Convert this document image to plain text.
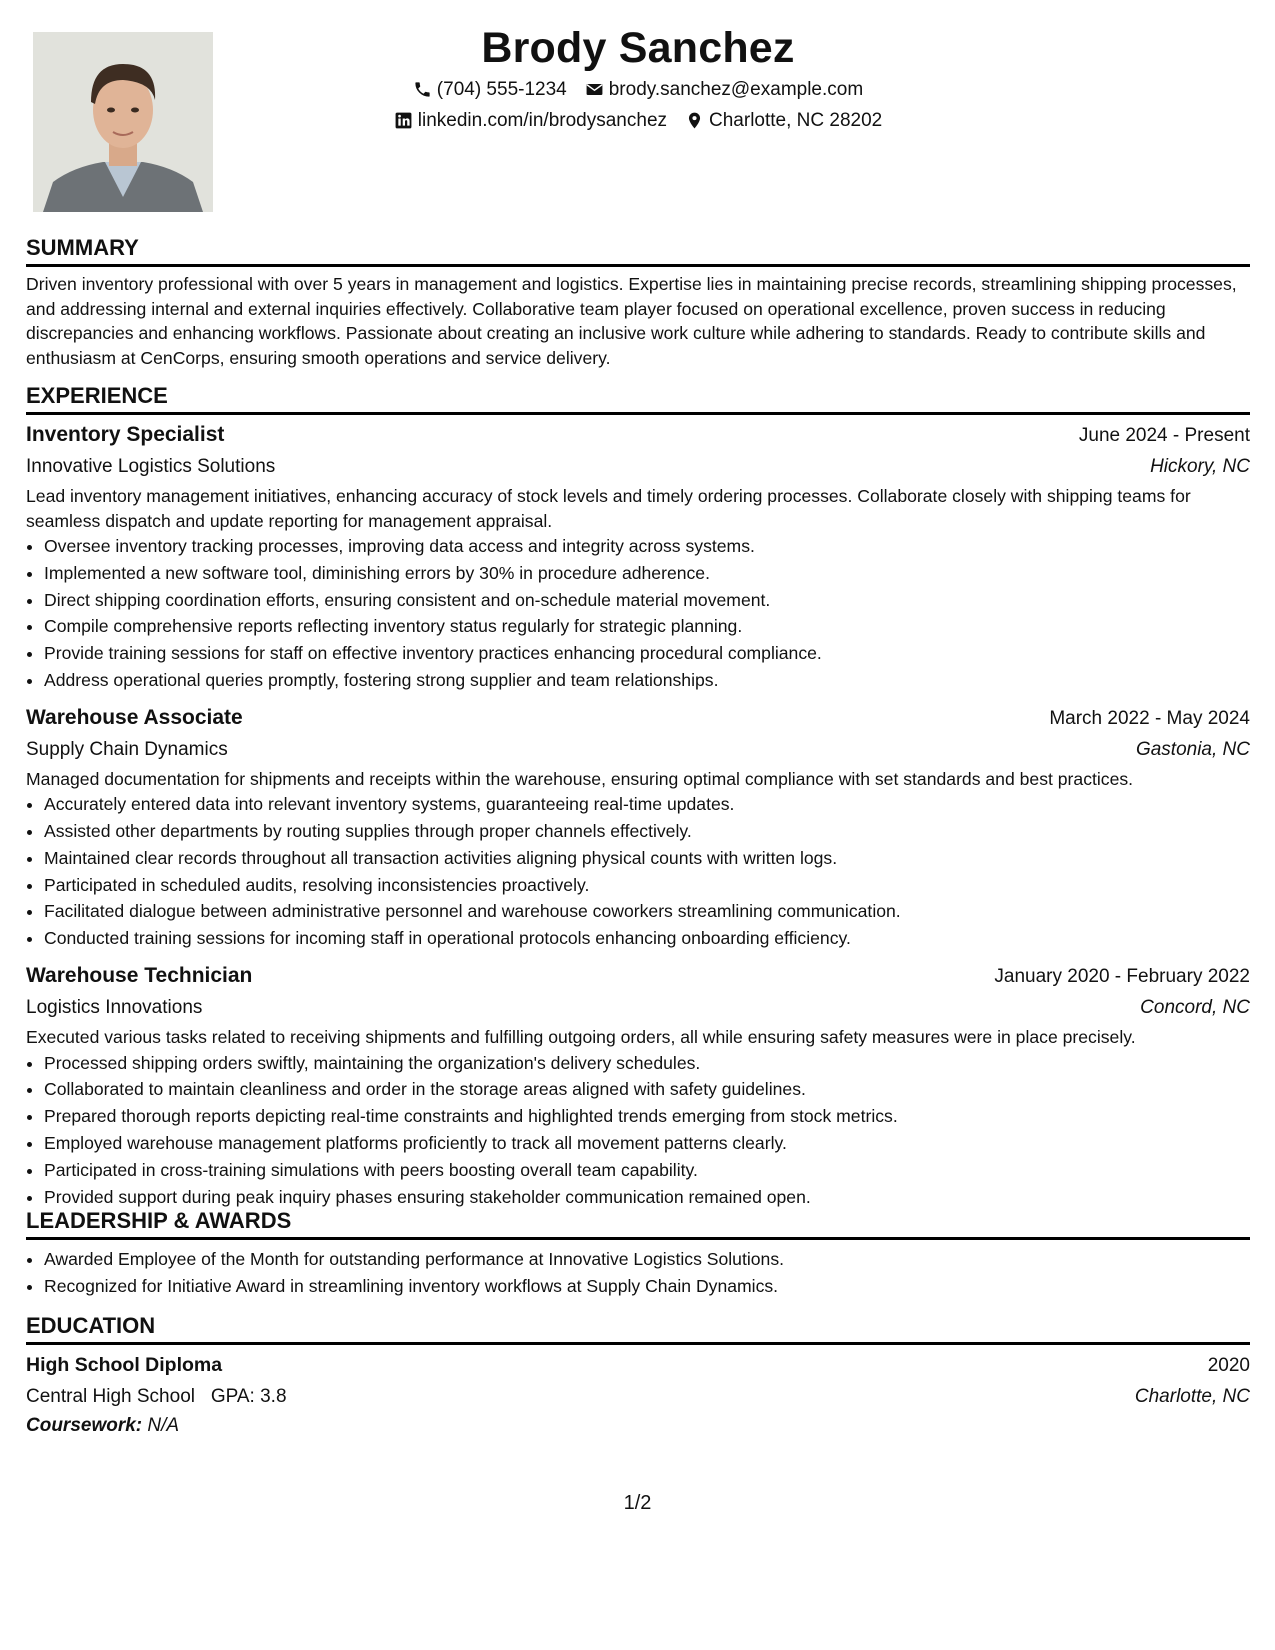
Brody Sanchez
(704) 555-1234 brody.sanchez@example.com
linkedin.com/in/brodysanchez Charlotte, NC 28202
SUMMARY

Driven inventory professional with over 5 years in management and logistics. Expertise lies in maintaining precise records, streamlining shipping processes, and addressing internal and external inquiries effectively. Collaborative team player focused on operational excellence, proven success in reducing discrepancies and enhancing workflows. Passionate about creating an inclusive work culture while adhering to standards. Ready to contribute skills and enthusiasm at CenCorps, ensuring smooth operations and service delivery.

EXPERIENCE
Inventory Specialist	June 2024 - Present
Innovative Logistics Solutions	Hickory, NC

Lead inventory management initiatives, enhancing accuracy of stock levels and timely ordering processes. Collaborate closely with shipping teams for seamless dispatch and update reporting for management appraisal.

• Oversee inventory tracking processes, improving data access and integrity across systems.
• Implemented a new software tool, diminishing errors by 30% in procedure adherence.
• Direct shipping coordination efforts, ensuring consistent and on-schedule material movement.
• Compile comprehensive reports reflecting inventory status regularly for strategic planning.
• Provide training sessions for staff on effective inventory practices enhancing procedural compliance.
• Address operational queries promptly, fostering strong supplier and team relationships.
Warehouse Associate	March 2022 - May 2024
Supply Chain Dynamics	Gastonia, NC

Managed documentation for shipments and receipts within the warehouse, ensuring optimal compliance with set standards and best practices.

• Accurately entered data into relevant inventory systems, guaranteeing real-time updates.
• Assisted other departments by routing supplies through proper channels effectively.
• Maintained clear records throughout all transaction activities aligning physical counts with written logs.
• Participated in scheduled audits, resolving inconsistencies proactively.
• Facilitated dialogue between administrative personnel and warehouse coworkers streamlining communication.
• Conducted training sessions for incoming staff in operational protocols enhancing onboarding efficiency.
Warehouse Technician	January 2020 - February 2022
Logistics Innovations	Concord, NC

Executed various tasks related to receiving shipments and fulfilling outgoing orders, all while ensuring safety measures were in place precisely.

• Processed shipping orders swiftly, maintaining the organization's delivery schedules.
• Collaborated to maintain cleanliness and order in the storage areas aligned with safety guidelines.
• Prepared thorough reports depicting real-time constraints and highlighted trends emerging from stock metrics.
• Employed warehouse management platforms proficiently to track all movement patterns clearly.
• Participated in cross-training simulations with peers boosting overall team capability.
• Provided support during peak inquiry phases ensuring stakeholder communication remained open.
LEADERSHIP & AWARDS
• Awarded Employee of the Month for outstanding performance at Innovative Logistics Solutions.
• Recognized for Initiative Award in streamlining inventory workflows at Supply Chain Dynamics.
EDUCATION
High School Diploma	2020
Central High School GPA: 3.8	Charlotte, NC
Coursework: N/A
1/2
